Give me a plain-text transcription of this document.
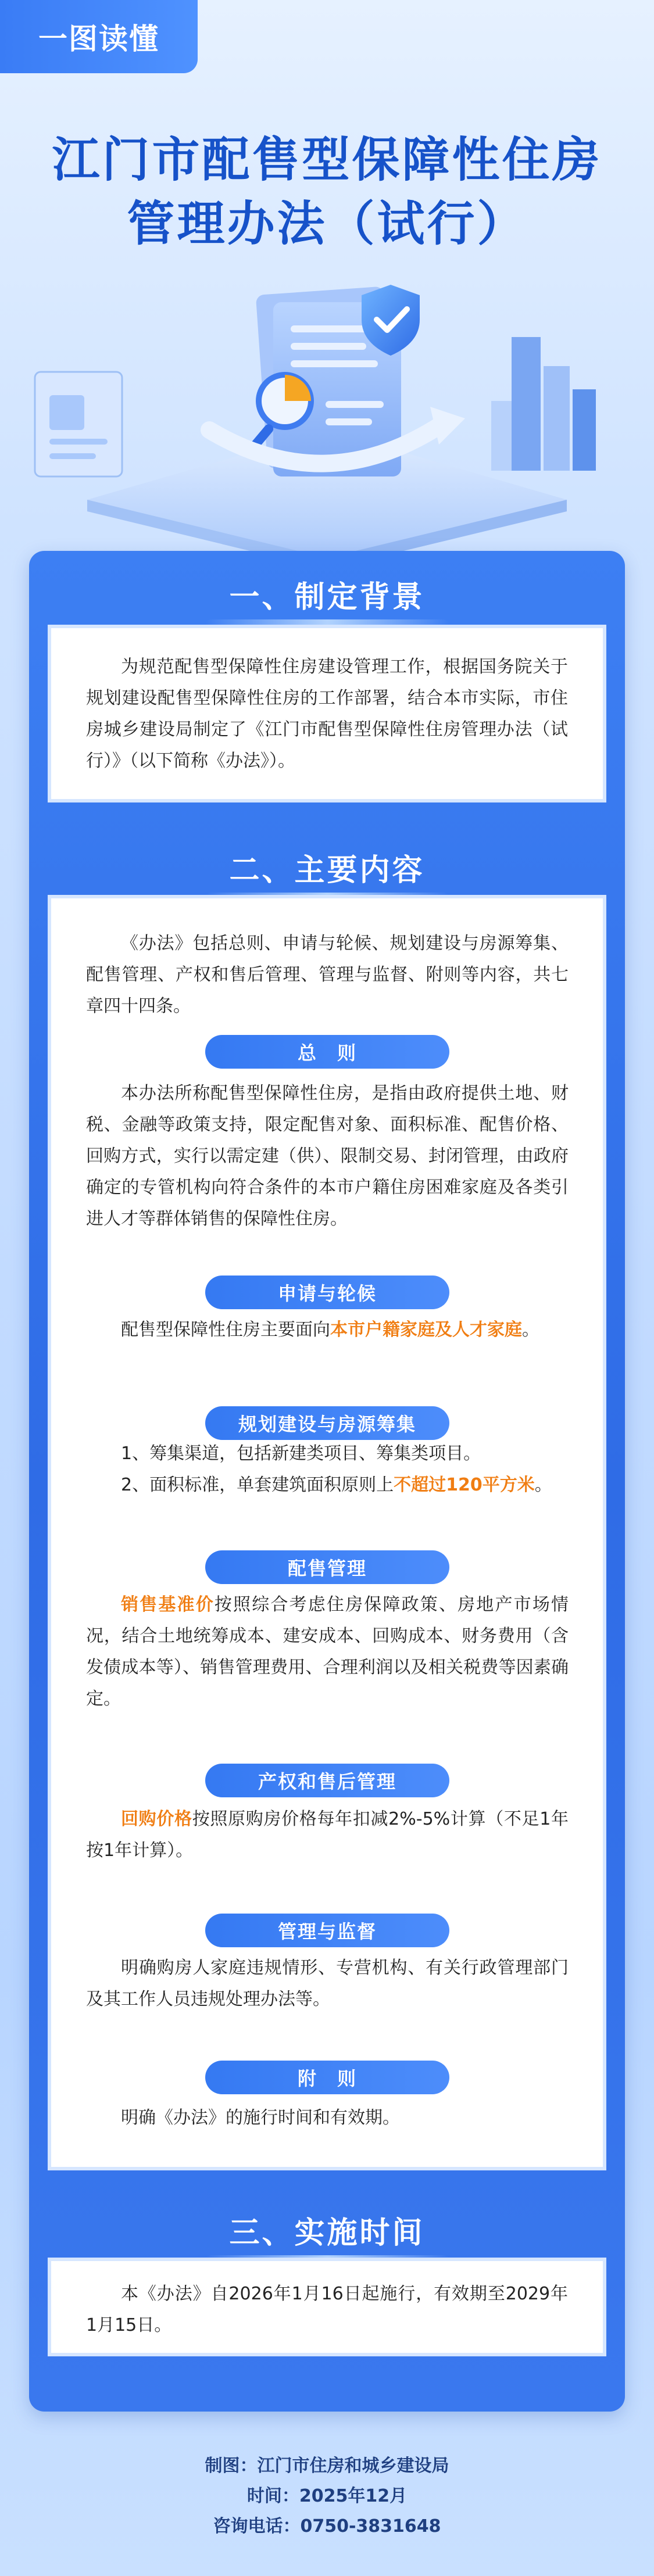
一图读懂
江门市配售型保障性住房
管理办法（试行）
一、制定背景

为规范配售型保障性住房建设管理工作，根据国务院关于规划建设配售型保障性住房的工作部署，结合本市实际，市住房城乡建设局制定了《江门市配售型保障性住房管理办法（试行）》（以下简称《办法》）。

二、主要内容

《办法》包括总则、申请与轮候、规划建设与房源筹集、配售管理、产权和售后管理、管理与监督、附则等内容，共七章四十四条。

总　则

本办法所称配售型保障性住房，是指由政府提供土地、财税、金融等政策支持，限定配售对象、面积标准、配售价格、回购方式，实行以需定建（供）、限制交易、封闭管理，由政府确定的专管机构向符合条件的本市户籍住房困难家庭及各类引进人才等群体销售的保障性住房。

申请与轮候

配售型保障性住房主要面向本市户籍家庭及人才家庭。

规划建设与房源筹集

1、筹集渠道，包括新建类项目、筹集类项目。

2、面积标准，单套建筑面积原则上不超过120平方米。

配售管理

销售基准价按照综合考虑住房保障政策、房地产市场情况，结合土地统筹成本、建安成本、回购成本、财务费用（含发债成本等）、销售管理费用、合理利润以及相关税费等因素确定。

产权和售后管理

回购价格按照原购房价格每年扣减2%-5%计算（不足1年按1年计算）。

管理与监督

明确购房人家庭违规情形、专营机构、有关行政管理部门及其工作人员违规处理办法等。

附　则

明确《办法》的施行时间和有效期。

三、实施时间

本《办法》自2026年1月16日起施行，有效期至2029年1月15日。

制图：江门市住房和城乡建设局
时间：2025年12月
咨询电话：0750-3831648
